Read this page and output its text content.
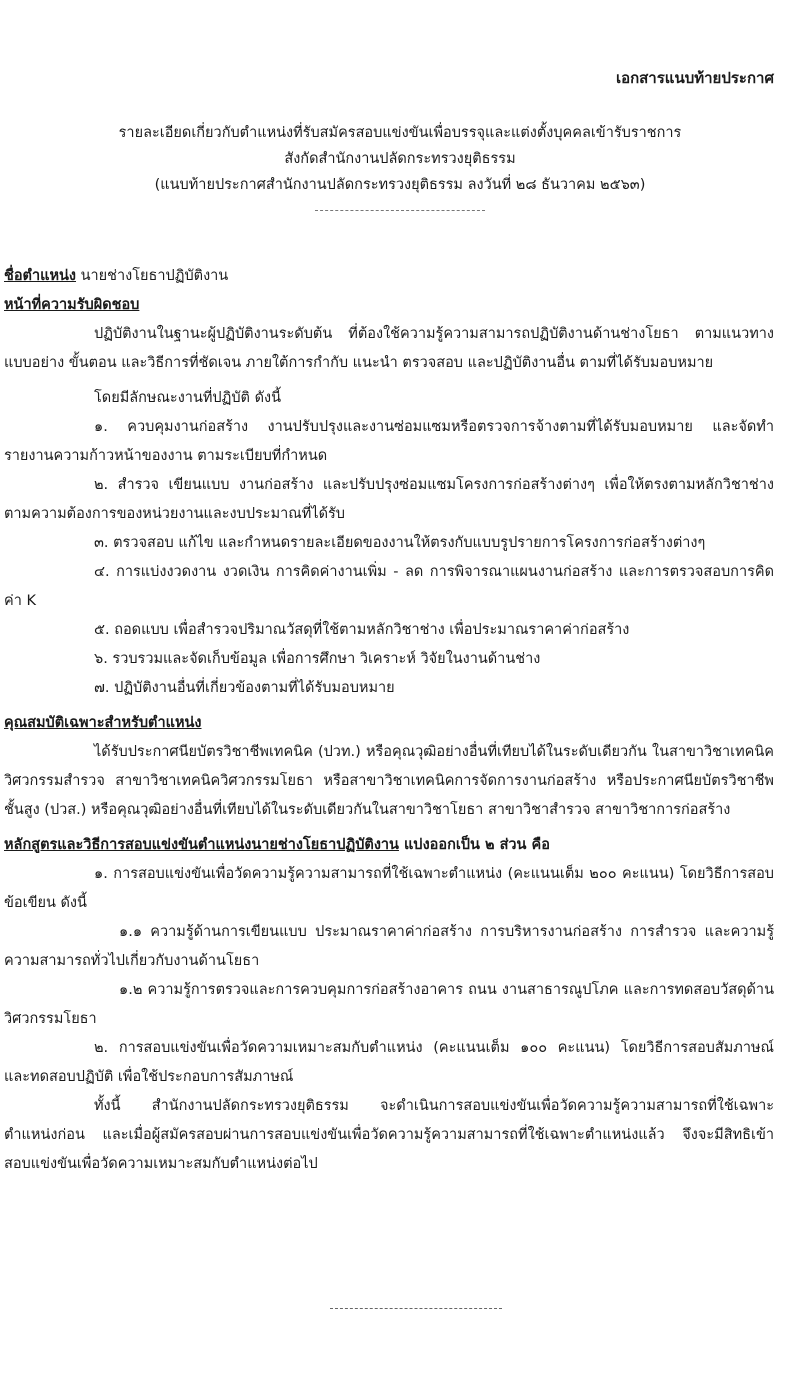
เอกสารแนบท้ายประกาศ
รายละเอียดเกี่ยวกับตำแหน่งที่รับสมัครสอบแข่งขันเพื่อบรรจุและแต่งตั้งบุคคลเข้ารับราชการ
สังกัดสำนักงานปลัดกระทรวงยุติธรรม
(แนบท้ายประกาศสำนักงานปลัดกระทรวงยุติธรรม ลงวันที่ ๒๘ ธันวาคม ๒๕๖๓)

ชื่อตำแหน่ง นายช่างโยธาปฏิบัติงาน

หน้าที่ความรับผิดชอบ

ปฏิบัติงานในฐานะผู้ปฏิบัติงานระดับต้น ที่ต้องใช้ความรู้ความสามารถปฏิบัติงานด้านช่างโยธา ตามแนวทาง แบบอย่าง ขั้นตอน และวิธีการที่ชัดเจน ภายใต้การกำกับ แนะนำ ตรวจสอบ และปฏิบัติงานอื่น ตามที่ได้รับมอบหมาย

โดยมีลักษณะงานที่ปฏิบัติ ดังนี้

๑. ควบคุมงานก่อสร้าง งานปรับปรุงและงานซ่อมแซมหรือตรวจการจ้างตามที่ได้รับมอบหมาย และจัดทำรายงานความก้าวหน้าของงาน ตามระเบียบที่กำหนด

๒. สำรวจ เขียนแบบ งานก่อสร้าง และปรับปรุงซ่อมแซมโครงการก่อสร้างต่างๆ เพื่อให้ตรงตามหลักวิชาช่าง ตามความต้องการของหน่วยงานและงบประมาณที่ได้รับ

๓. ตรวจสอบ แก้ไข และกำหนดรายละเอียดของงานให้ตรงกับแบบรูปรายการโครงการก่อสร้างต่างๆ

๔. การแบ่งงวดงาน งวดเงิน การคิดค่างานเพิ่ม - ลด การพิจารณาแผนงานก่อสร้าง และการตรวจสอบการคิดค่า K

๕. ถอดแบบ เพื่อสำรวจปริมาณวัสดุที่ใช้ตามหลักวิชาช่าง เพื่อประมาณราคาค่าก่อสร้าง

๖. รวบรวมและจัดเก็บข้อมูล เพื่อการศึกษา วิเคราะห์ วิจัยในงานด้านช่าง

๗. ปฏิบัติงานอื่นที่เกี่ยวข้องตามที่ได้รับมอบหมาย

คุณสมบัติเฉพาะสำหรับตำแหน่ง

ได้รับประกาศนียบัตรวิชาชีพเทคนิค (ปวท.) หรือคุณวุฒิอย่างอื่นที่เทียบได้ในระดับเดียวกัน ในสาขาวิชาเทคนิควิศวกรรมสำรวจ สาขาวิชาเทคนิควิศวกรรมโยธา หรือสาขาวิชาเทคนิคการจัดการงานก่อสร้าง หรือประกาศนียบัตรวิชาชีพชั้นสูง (ปวส.) หรือคุณวุฒิอย่างอื่นที่เทียบได้ในระดับเดียวกันในสาขาวิชาโยธา สาขาวิชาสำรวจ สาขาวิชาการก่อสร้าง

หลักสูตรและวิธีการสอบแข่งขันตำแหน่งนายช่างโยธาปฏิบัติงาน แบ่งออกเป็น ๒ ส่วน คือ

๑. การสอบแข่งขันเพื่อวัดความรู้ความสามารถที่ใช้เฉพาะตำแหน่ง (คะแนนเต็ม ๒๐๐ คะแนน) โดยวิธีการสอบข้อเขียน ดังนี้

๑.๑ ความรู้ด้านการเขียนแบบ ประมาณราคาค่าก่อสร้าง การบริหารงานก่อสร้าง การสำรวจ และความรู้ความสามารถทั่วไปเกี่ยวกับงานด้านโยธา

๑.๒ ความรู้การตรวจและการควบคุมการก่อสร้างอาคาร ถนน งานสาธารณูปโภค และการทดสอบวัสดุด้านวิศวกรรมโยธา

๒. การสอบแข่งขันเพื่อวัดความเหมาะสมกับตำแหน่ง (คะแนนเต็ม ๑๐๐ คะแนน) โดยวิธีการสอบสัมภาษณ์ และทดสอบปฏิบัติ เพื่อใช้ประกอบการสัมภาษณ์

ทั้งนี้ สำนักงานปลัดกระทรวงยุติธรรม จะดำเนินการสอบแข่งขันเพื่อวัดความรู้ความสามารถที่ใช้เฉพาะตำแหน่งก่อน และเมื่อผู้สมัครสอบผ่านการสอบแข่งขันเพื่อวัดความรู้ความสามารถที่ใช้เฉพาะตำแหน่งแล้ว จึงจะมีสิทธิเข้าสอบแข่งขันเพื่อวัดความเหมาะสมกับตำแหน่งต่อไป
